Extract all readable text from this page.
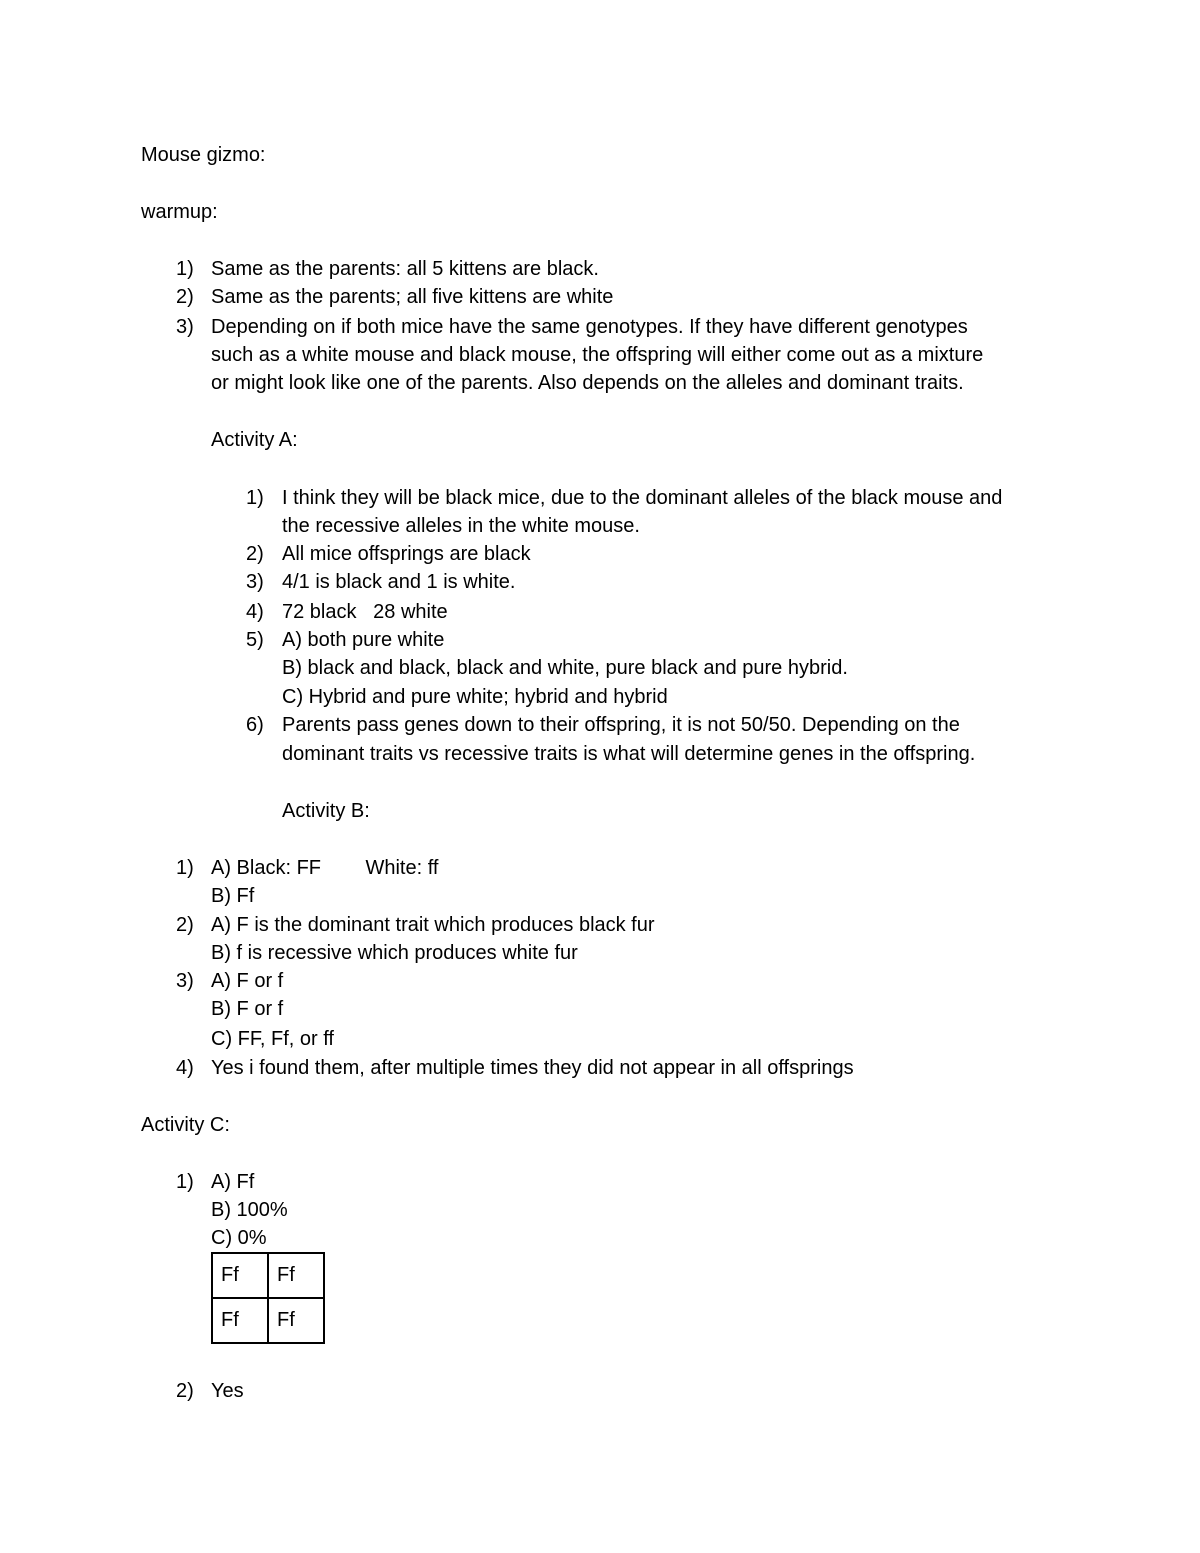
Mouse gizmo:
warmup:
1) Same as the parents: all 5 kittens are black.
2) Same as the parents; all five kittens are white
3) Depending on if both mice have the same genotypes. If they have different genotypes
such as a white mouse and black mouse, the offspring will either come out as a mixture
or might look like one of the parents. Also depends on the alleles and dominant traits.
Activity A:
1) I think they will be black mice, due to the dominant alleles of the black mouse and
the recessive alleles in the white mouse.
2) All mice offsprings are black
3) 4/1 is black and 1 is white.
4) 72 black   28 white
5) A) both pure white
B) black and black, black and white, pure black and pure hybrid.
C) Hybrid and pure white; hybrid and hybrid
6) Parents pass genes down to their offspring, it is not 50/50. Depending on the
dominant traits vs recessive traits is what will determine genes in the offspring.
Activity B:
1) A) Black: FF        White: ff
B) Ff
2) A) F is the dominant trait which produces black fur
B) f is recessive which produces white fur
3) A) F or f
B) F or f
C) FF, Ff, or ff
4) Yes i found them, after multiple times they did not appear in all offsprings
Activity C:
1) A) Ff
B) 100%
C) 0%
Ff	Ff
Ff	Ff
2) Yes
